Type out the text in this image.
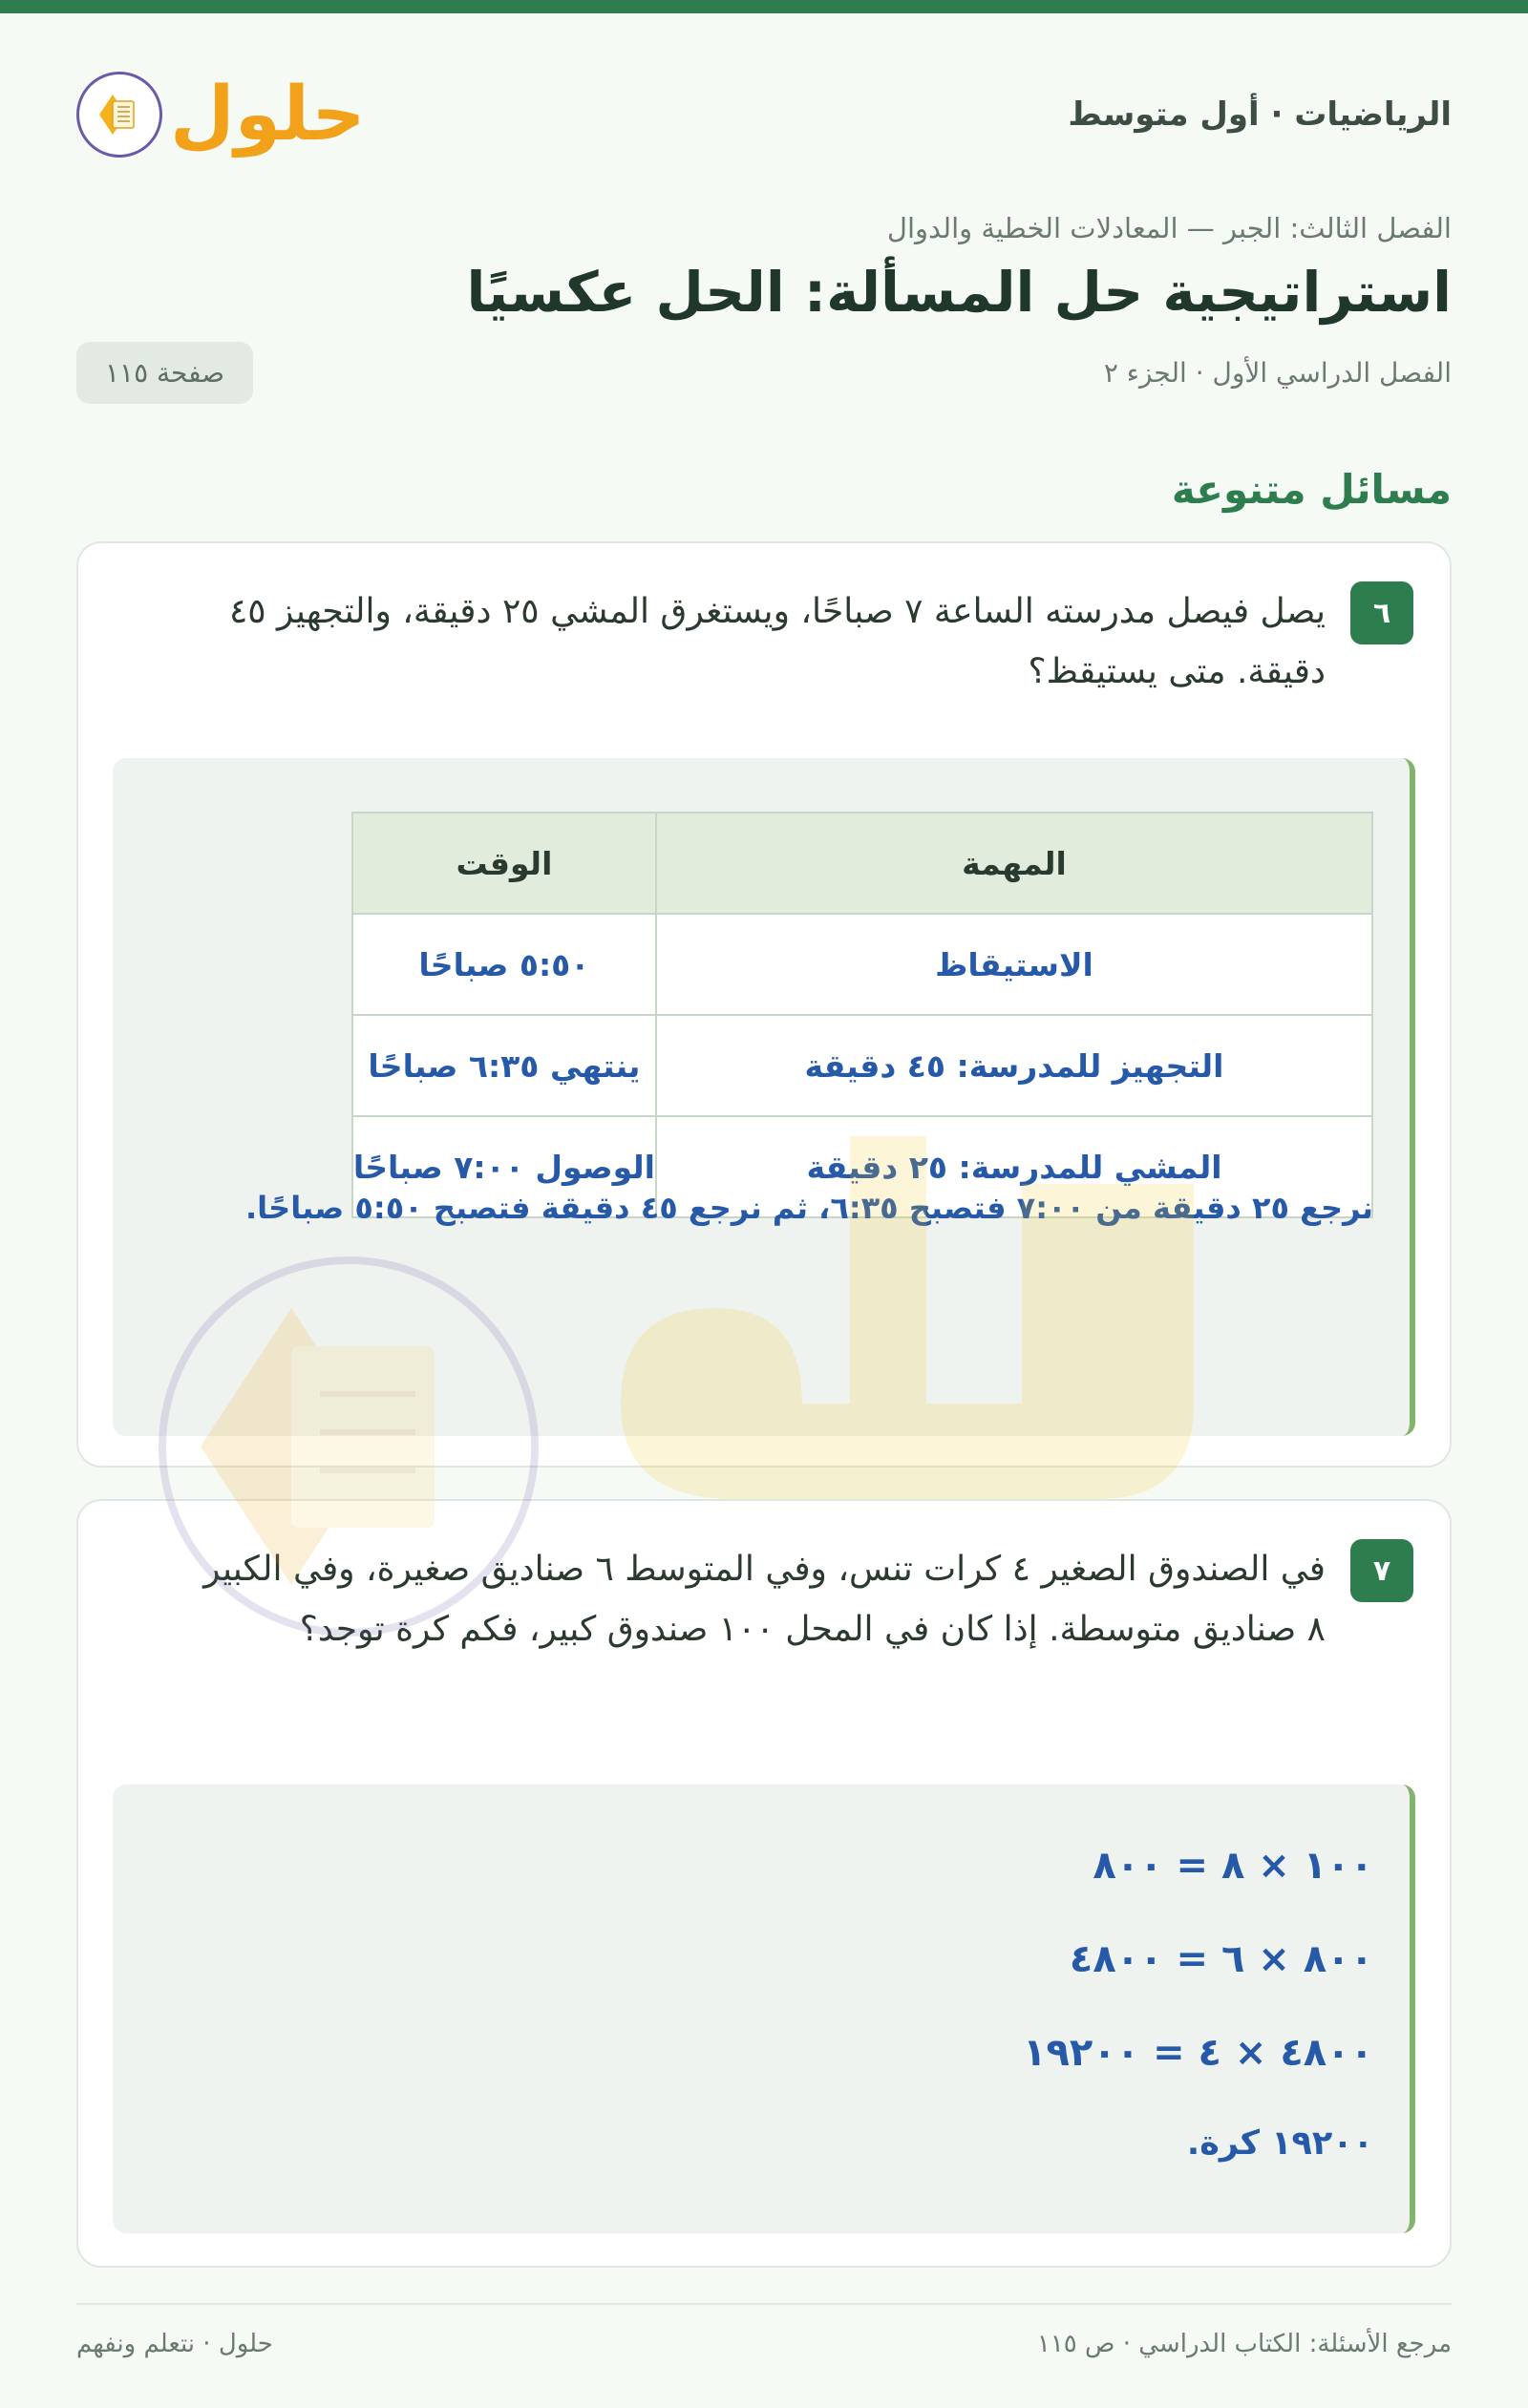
الرياضيات · أول متوسط
حلول
الفصل الثالث: الجبر — المعادلات الخطية والدوال
استراتيجية حل المسألة: الحل عكسيًا
الفصل الدراسي الأول · الجزء ٢
صفحة ١١٥
مسائل متنوعة
٦
يصل فيصل مدرسته الساعة ٧ صباحًا، ويستغرق المشي ٢٥ دقيقة، والتجهيز ٤٥ دقيقة. متى يستيقظ؟
المهمة	الوقت
الاستيقاظ	٥:٥٠ صباحًا
التجهيز للمدرسة: ٤٥ دقيقة	ينتهي ٦:٣٥ صباحًا
المشي للمدرسة: ٢٥ دقيقة	الوصول ٧:٠٠ صباحًا
نرجع ٢٥ دقيقة من ٧:٠٠ فتصبح ٦:٣٥، ثم نرجع ٤٥ دقيقة فتصبح ٥:٥٠ صباحًا.
٧
في الصندوق الصغير ٤ كرات تنس، وفي المتوسط ٦ صناديق صغيرة، وفي الكبير ٨ صناديق متوسطة. إذا كان في المحل ١٠٠ صندوق كبير، فكم كرة توجد؟
١٠٠ × ٨ = ٨٠٠
٨٠٠ × ٦ = ٤٨٠٠
٤٨٠٠ × ٤ = ١٩٢٠٠
١٩٢٠٠ كرة.
مرجع الأسئلة: الكتاب الدراسي · ص ١١٥
حلول · نتعلم ونفهم
